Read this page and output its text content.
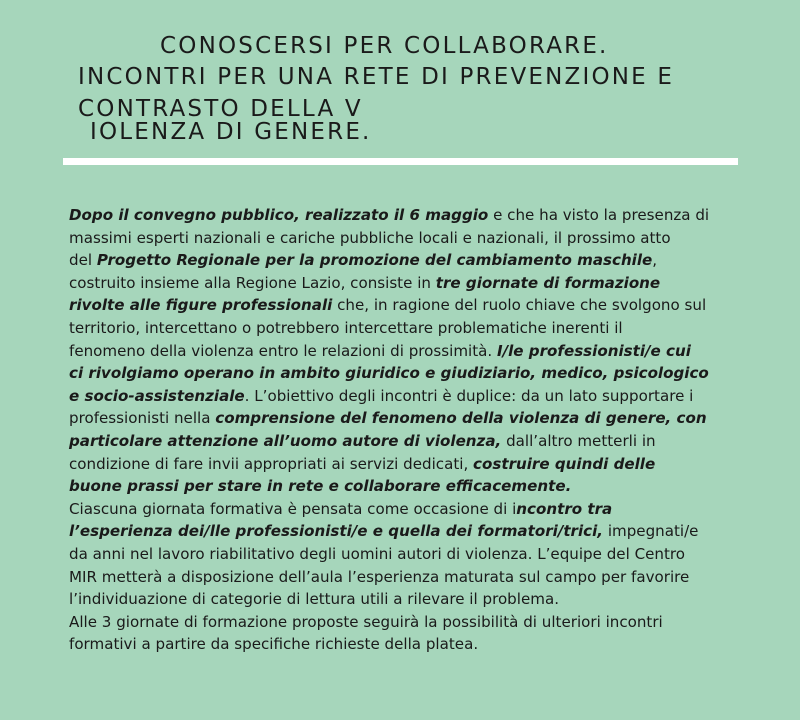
CONOSCERSI PER COLLABORARE.
INCONTRI PER UNA RETE DI PREVENZIONE E
CONTRASTO DELLA V
IOLENZA DI GENERE.
Dopo il convegno pubblico, realizzato il 6 maggio e che ha visto la presenza di
massimi esperti nazionali e cariche pubbliche locali e nazionali, il prossimo atto
del Progetto Regionale per la promozione del cambiamento maschile,
costruito insieme alla Regione Lazio, consiste in tre giornate di formazione
rivolte alle figure professionali che, in ragione del ruolo chiave che svolgono sul
territorio, intercettano o potrebbero intercettare problematiche inerenti il
fenomeno della violenza entro le relazioni di prossimità. I/le professionisti/e cui
ci rivolgiamo operano in ambito giuridico e giudiziario, medico, psicologico
e socio-assistenziale. L’obiettivo degli incontri è duplice: da un lato supportare i
professionisti nella comprensione del fenomeno della violenza di genere, con
particolare attenzione all’uomo autore di violenza, dall’altro metterli in
condizione di fare invii appropriati ai servizi dedicati, costruire quindi delle
buone prassi per stare in rete e collaborare efficacemente.
Ciascuna giornata formativa è pensata come occasione di incontro tra
l’esperienza dei/lle professionisti/e e quella dei formatori/trici, impegnati/e
da anni nel lavoro riabilitativo degli uomini autori di violenza. L’equipe del Centro
MIR metterà a disposizione dell’aula l’esperienza maturata sul campo per favorire
l’individuazione di categorie di lettura utili a rilevare il problema.
Alle 3 giornate di formazione proposte seguirà la possibilità di ulteriori incontri
formativi a partire da specifiche richieste della platea.
